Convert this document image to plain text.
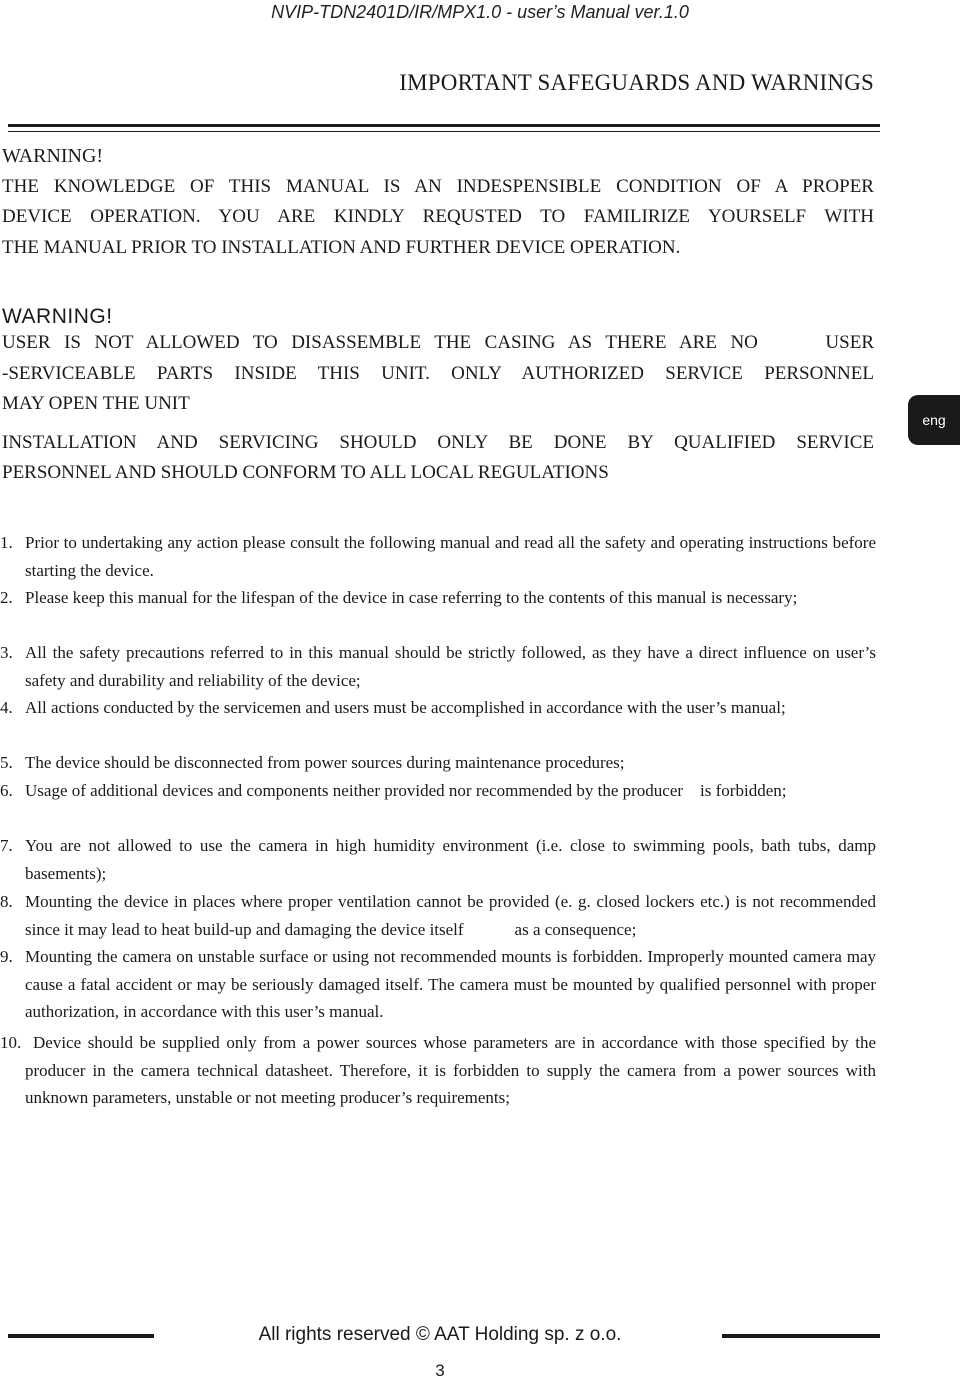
NVIP-TDN2401D/IR/MPX1.0 - user’s Manual ver.1.0
IMPORTANT SAFEGUARDS AND WARNINGS
WARNING!
THE KNOWLEDGE OF THIS MANUAL IS AN INDESPENSIBLE CONDITION OF A PROPER
DEVICE OPERATION. YOU ARE KINDLY REQUSTED TO FAMILIRIZE YOURSELF WITH
THE MANUAL PRIOR TO INSTALLATION AND FURTHER DEVICE OPERATION.
WARNING!
USER IS NOT ALLOWED TO DISASSEMBLE THE CASING AS THERE ARE NO     USER
-SERVICEABLE PARTS INSIDE THIS UNIT. ONLY AUTHORIZED SERVICE PERSONNEL
MAY OPEN THE UNIT
INSTALLATION AND SERVICING SHOULD ONLY BE DONE BY QUALIFIED SERVICE
PERSONNEL AND SHOULD CONFORM TO ALL LOCAL REGULATIONS
eng
1. Prior to undertaking any action please consult the following manual and read all the safety and operating instructions before starting the device.
2. Please keep this manual for the lifespan of the device in case referring to the contents of this manual is necessary;
3. All the safety precautions referred to in this manual should be strictly followed, as they have a direct influence on user’s safety and durability and reliability of the device;
4. All actions conducted by the servicemen and users must be accomplished in accordance with the user’s manual;
5. The device should be disconnected from power sources during maintenance procedures;
6. Usage of additional devices and components neither provided nor recommended by the producer    is forbidden;
7. You are not allowed to use the camera in high humidity environment (i.e. close to swimming pools, bath tubs, damp basements);
8. Mounting the device in places where proper ventilation cannot be provided (e. g. closed lockers etc.) is not recommended since it may lead to heat build-up and damaging the device itself            as a consequence;
9. Mounting the camera on unstable surface or using not recommended mounts is forbidden. Improperly mounted camera may cause a fatal accident or may be seriously damaged itself. The camera must be mounted by qualified personnel with proper authorization, in accordance with this user’s manual.
10. Device should be supplied only from a power sources whose parameters are in accordance with those specified by the producer in the camera technical datasheet. Therefore, it is forbidden to supply the camera from a power sources with unknown parameters, unstable or not meeting producer’s requirements;
All rights reserved © AAT Holding sp. z o.o.
3
